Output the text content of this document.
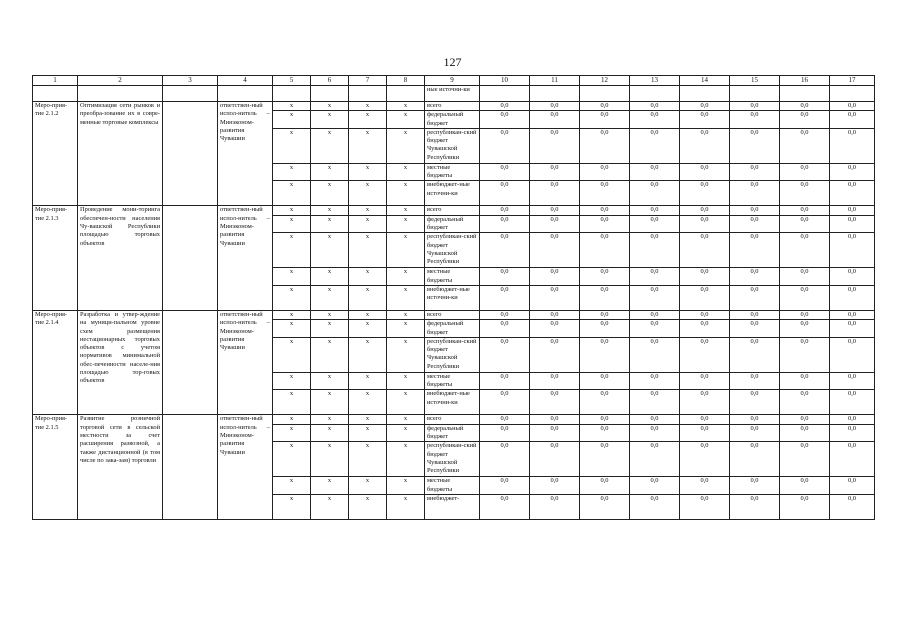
127
1	2	3	4	5	6	7	8	9	10	11	12	13	14	15	16	17
								ные источни-ки								
Меро-прия-тие 2.1.2	Оптимизация сети рынков и преобра-зование их в совре-менные торговые комплексы		ответствен-ный испол-нитель – Минэконом-развития Чувашии	х	х	х	х	всего	0,0	0,0	0,0	0,0	0,0	0,0	0,0	0,0
				х	х	х	х	федеральный бюджет	0,0	0,0	0,0	0,0	0,0	0,0	0,0	0,0
				х	х	х	х	республикан-ский бюджет Чувашской Республики	0,0	0,0	0,0	0,0	0,0	0,0	0,0	0,0
				х	х	х	х	местные бюджеты	0,0	0,0	0,0	0,0	0,0	0,0	0,0	0,0
				х	х	х	х	внебюджет-ные источни-ки	0,0	0,0	0,0	0,0	0,0	0,0	0,0	0,0
Меро-прия-тие 2.1.3	Проведение мони-торинга обеспечен-ности населения Чу-вашской Республики площадью торговых объектов		ответствен-ный испол-нитель – Минэконом-развития Чувашии	х	х	х	х	всего	0,0	0,0	0,0	0,0	0,0	0,0	0,0	0,0
				х	х	х	х	федеральный бюджет	0,0	0,0	0,0	0,0	0,0	0,0	0,0	0,0
				х	х	х	х	республикан-ский бюджет Чувашской Республики	0,0	0,0	0,0	0,0	0,0	0,0	0,0	0,0
				х	х	х	х	местные бюджеты	0,0	0,0	0,0	0,0	0,0	0,0	0,0	0,0
				х	х	х	х	внебюджет-ные источни-ки	0,0	0,0	0,0	0,0	0,0	0,0	0,0	0,0
Меро-прия-тие 2.1.4	Разработка и утвер-ждение на муници-пальном уровне схем размещения нестационарных торговых объектов с учетом нормативов минимальной обес-печенности населе-ния площадью тор-говых объектов		ответствен-ный испол-нитель – Минэконом-развития Чувашии	х	х	х	х	всего	0,0	0,0	0,0	0,0	0,0	0,0	0,0	0,0
				х	х	х	х	федеральный бюджет	0,0	0,0	0,0	0,0	0,0	0,0	0,0	0,0
				х	х	х	х	республикан-ский бюджет Чувашской Республики	0,0	0,0	0,0	0,0	0,0	0,0	0,0	0,0
				х	х	х	х	местные бюджеты	0,0	0,0	0,0	0,0	0,0	0,0	0,0	0,0
				х	х	х	х	внебюджет-ные источни-ки	0,0	0,0	0,0	0,0	0,0	0,0	0,0	0,0
Меро-прия-тие 2.1.5	Развитие розничной торговой сети в сельской местности за счет расширения развозной, а также дистанционной (в том числе по зака-зам) торговли		ответствен-ный испол-нитель – Минэконом-развития Чувашии	х	х	х	х	всего	0,0	0,0	0,0	0,0	0,0	0,0	0,0	0,0
				х	х	х	х	федеральный бюджет	0,0	0,0	0,0	0,0	0,0	0,0	0,0	0,0
				х	х	х	х	республикан-ский бюджет Чувашской Республики	0,0	0,0	0,0	0,0	0,0	0,0	0,0	0,0
				х	х	х	х	местные бюджеты	0,0	0,0	0,0	0,0	0,0	0,0	0,0	0,0
				х	х	х	х	внебюджет-	0,0	0,0	0,0	0,0	0,0	0,0	0,0	0,0
